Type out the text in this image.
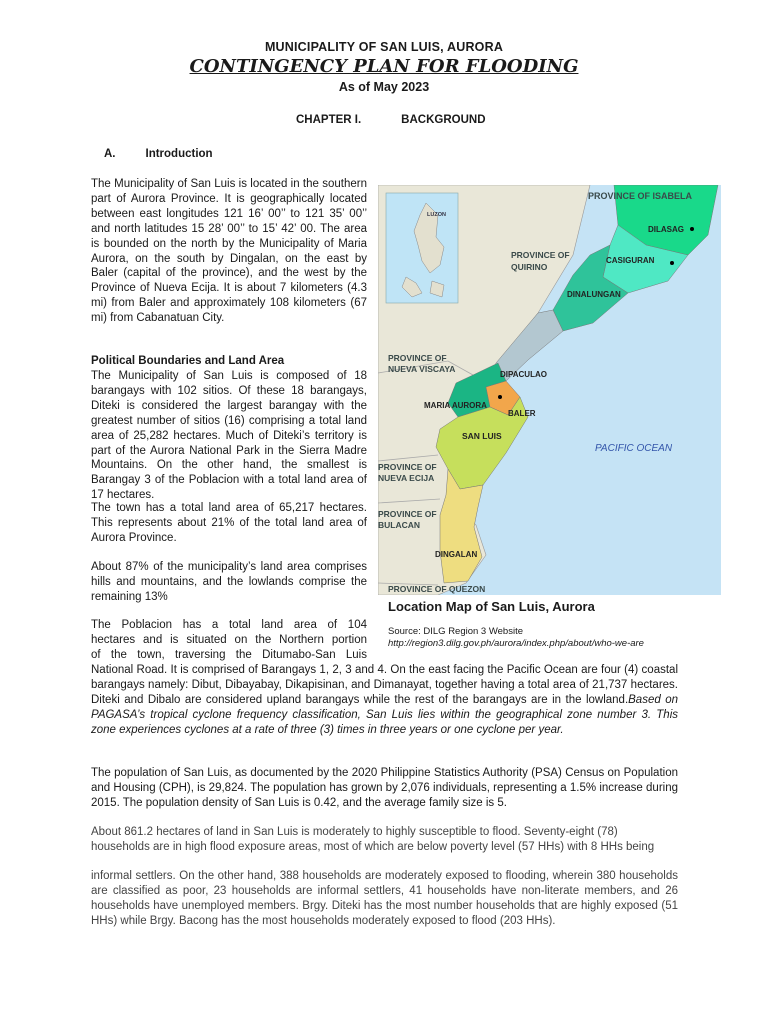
MUNICIPALITY OF SAN LUIS, AURORA
CONTINGENCY PLAN FOR FLOODING
As of May 2023
CHAPTER I.	BACKGROUND
A.	Introduction
The Municipality of San Luis is located in the southern part of Aurora Province. It is geographically located between east longitudes 121 16’ 00’’ to 121 35’ 00’’ and north latitudes 15 28’ 00’’ to 15’ 42’ 00. The area is bounded on the north by the Municipality of Maria Aurora, on the south by Dingalan, on the east by Baler (capital of the province), and the west by the Province of Nueva Ecija. It is about 7 kilometers (4.3 mi) from Baler and approximately 108 kilometers (67 mi) from Cabanatuan City.
Political Boundaries and Land Area
The Municipality of San Luis is composed of 18 barangays with 102 sitios. Of these 18 barangays, Diteki is considered the largest barangay with the greatest number of sitios (16) comprising a total land area of 25,282 hectares. Much of Diteki’s territory is part of the Aurora National Park in the Sierra Madre Mountains. On the other hand, the smallest is Barangay 3 of the Poblacion with a total land area of 17 hectares.
The town has a total land area of 65,217 hectares. This represents about 21% of the total land area of Aurora Province.
About 87% of the municipality’s land area comprises hills and mountains, and the lowlands comprise the remaining 13%
The Poblacion has a total land area of 104
hectares and is situated on the Northern portion
of the town, traversing the Ditumabo-San Luis
National Road. It is comprised of Barangays 1, 2, 3 and 4. On the east facing the Pacific Ocean are four (4) coastal barangays namely: Dibut, Dibayabay, Dikapisinan, and Dimanayat, together having a total area of 21,737 hectares. Diteki and Dibalo are considered upland barangays while the rest of the barangays are in the lowland.Based on PAGASA’s tropical cyclone frequency classification, San Luis lies within the geographical zone number 3. This zone experiences cyclones at a rate of three (3) times in three years or one cyclone per year.
The population of San Luis, as documented by the 2020 Philippine Statistics Authority (PSA) Census on Population and Housing (CPH), is 29,824. The population has grown by 2,076 individuals, representing a 1.5% increase during 2015. The population density of San Luis is 0.42, and the average family size is 5.
About 861.2 hectares of land in San Luis is moderately to highly susceptible to flood. Seventy-eight (78) households are in high flood exposure areas, most of which are below poverty level (57 HHs) with 8 HHs being
informal settlers. On the other hand, 388 households are moderately exposed to flooding, wherein 380 households are classified as poor, 23 households are informal settlers, 41 households have non-literate members, and 26 households have unemployed members. Brgy. Diteki has the most number households that are highly exposed (51 HHs) while Brgy. Bacong has the most households moderately exposed to flood (203 HHs).
LUZON
PROVINCE OF ISABELA
PROVINCE OF
QUIRINO
DILASAG
CASIGURAN
DINALUNGAN
PROVINCE OF
NUEVA VISCAYA
DIPACULAO
MARIA AURORA
BALER
SAN LUIS
PROVINCE OF
NUEVA ECIJA
PROVINCE OF
BULACAN
DINGALAN
PROVINCE OF QUEZON
PACIFIC OCEAN
Location Map of San Luis, Aurora
Source: DILG Region 3 Website
http://region3.dilg.gov.ph/aurora/index.php/about/who-we-are
